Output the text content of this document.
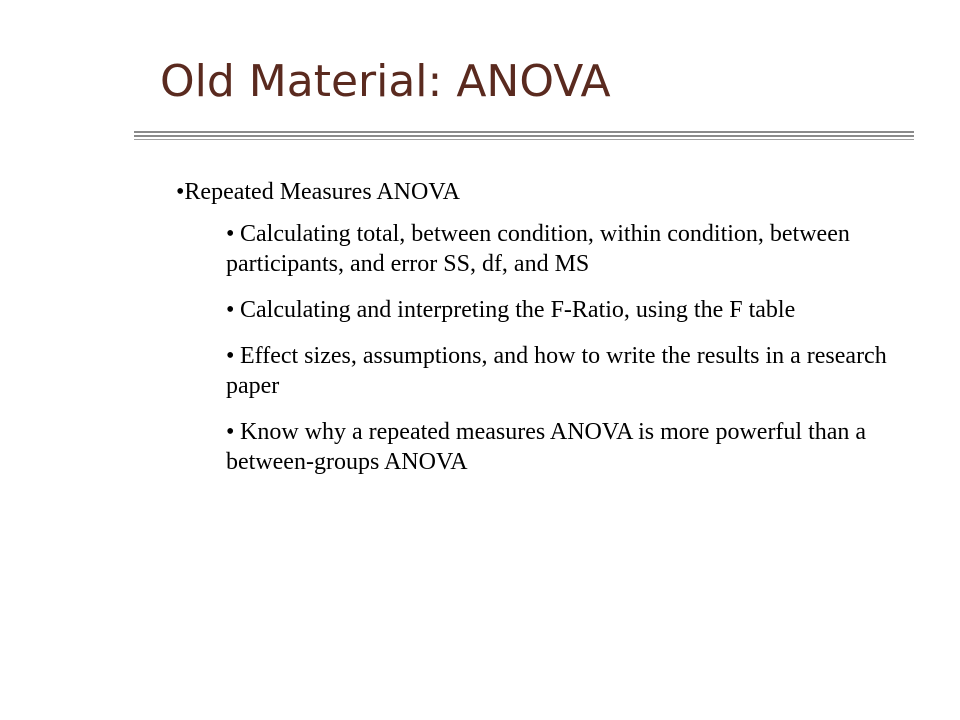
Old Material: ANOVA

•Repeated Measures ANOVA

• Calculating total, between condition, within condition, between participants, and error SS, df, and MS
• Calculating and interpreting the F-Ratio, using the F table
• Effect sizes, assumptions, and how to write the results in a research paper
• Know why a repeated measures ANOVA is more powerful than a between-groups ANOVA
